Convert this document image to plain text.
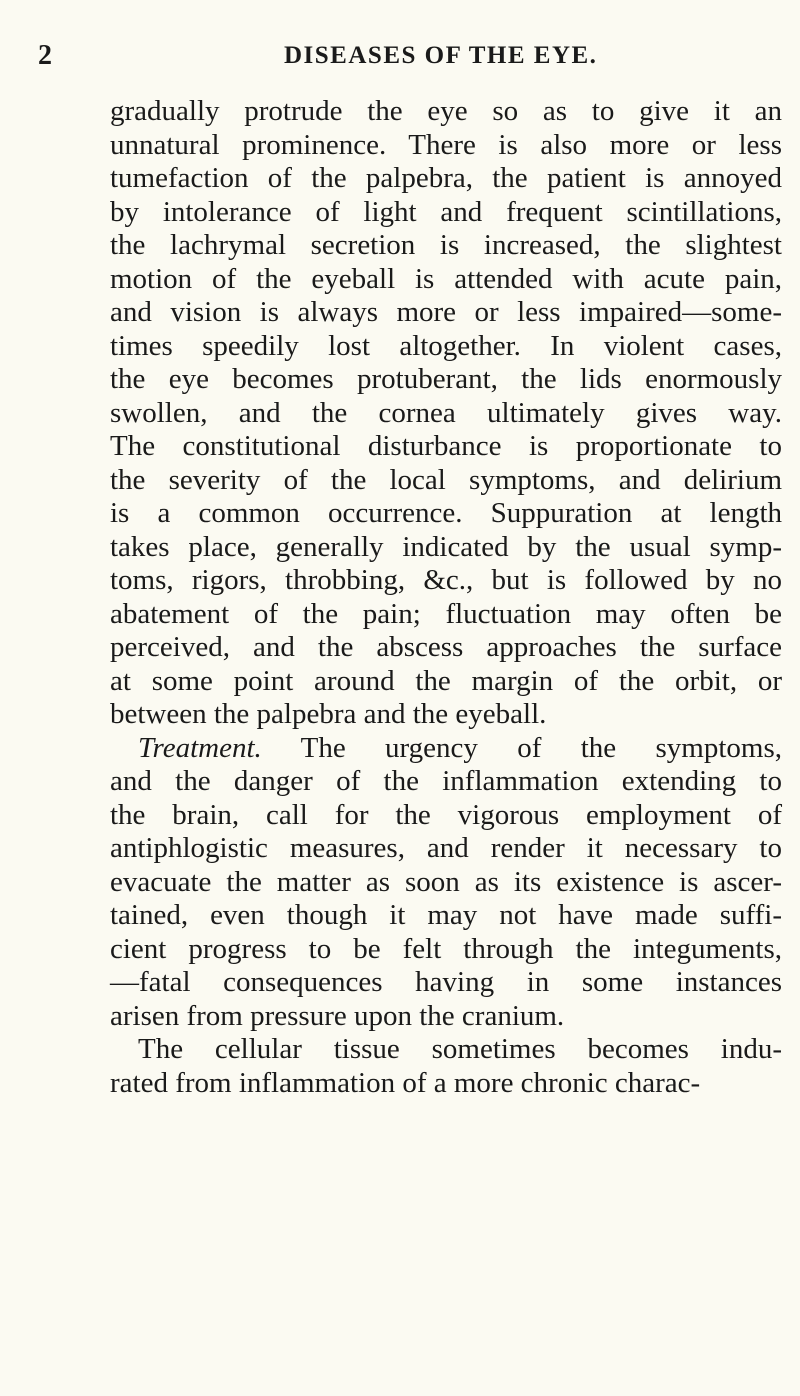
2	DISEASES OF THE EYE.
gradually protrude the eye so as to give it an
unnatural prominence. There is also more or less
tumefaction of the palpebra, the patient is annoyed
by intolerance of light and frequent scintillations,
the lachrymal secretion is increased, the slightest
motion of the eyeball is attended with acute pain,
and vision is always more or less impaired—some-
times speedily lost altogether. In violent cases,
the eye becomes protuberant, the lids enormously
swollen, and the cornea ultimately gives way.
The constitutional disturbance is proportionate to
the severity of the local symptoms, and delirium
is a common occurrence. Suppuration at length
takes place, generally indicated by the usual symp-
toms, rigors, throbbing, &c., but is followed by no
abatement of the pain; fluctuation may often be
perceived, and the abscess approaches the surface
at some point around the margin of the orbit, or
between the palpebra and the eyeball.
Treatment. The urgency of the symptoms,
and the danger of the inflammation extending to
the brain, call for the vigorous employment of
antiphlogistic measures, and render it necessary to
evacuate the matter as soon as its existence is ascer-
tained, even though it may not have made suffi-
cient progress to be felt through the integuments,
—fatal consequences having in some instances
arisen from pressure upon the cranium.
The cellular tissue sometimes becomes indu-
rated from inflammation of a more chronic charac-
